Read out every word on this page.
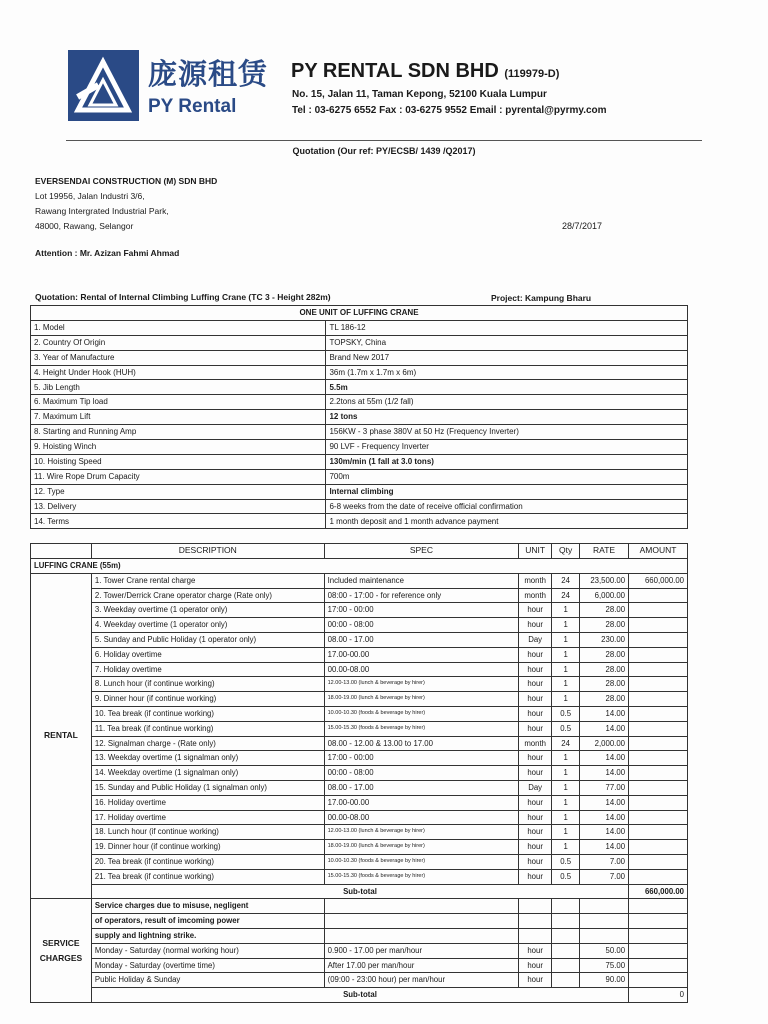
庞源租赁
PY Rental
PY RENTAL SDN BHD (119979-D)
No. 15, Jalan 11, Taman Kepong, 52100 Kuala Lumpur
Tel : 03-6275 6552 Fax : 03-6275 9552 Email : pyrental@pyrmy.com
Quotation (Our ref: PY/ECSB/ 1439 /Q2017)
EVERSENDAI CONSTRUCTION (M) SDN BHD
Lot 19956, Jalan Industri 3/6,
Rawang Intergrated Industrial Park,
48000, Rawang, Selangor	28/7/2017
Attention : Mr. Azizan Fahmi Ahmad
Quotation: Rental of Internal Climbing Luffing Crane (TC 3 - Height 282m)	Project: Kampung Bharu
ONE UNIT OF LUFFING CRANE	
1. Model	TL 186-12
2. Country Of Origin	TOPSKY, China
3. Year of Manufacture	Brand New 2017
4. Height Under Hook (HUH)	36m (1.7m x 1.7m x 6m)
5. Jib Length	5.5m
6. Maximum Tip load	2.2tons at 55m (1/2 fall)
7. Maximum Lift	12 tons
8. Starting and Running Amp	156KW - 3 phase 380V at 50 Hz (Frequency Inverter)
9. Hoisting Winch	90 LVF - Frequency Inverter
10. Hoisting Speed	130m/min (1 fall at 3.0 tons)
11. Wire Rope Drum Capacity	700m
12. Type	Internal climbing
13. Delivery	6-8 weeks from the date of receive official confirmation
14. Terms	1 month deposit and 1 month advance payment
	DESCRIPTION	SPEC	UNIT	Qty	RATE	AMOUNT
LUFFING CRANE (55m)						
RENTAL	1. Tower Crane rental charge	Included maintenance	month	24	23,500.00	660,000.00
	2. Tower/Derrick Crane operator charge (Rate only)	08:00 - 17:00 - for reference only	month	24	6,000.00	
	3. Weekday overtime (1 operator only)	17:00 - 00:00	hour	1	28.00	
	4. Weekday overtime (1 operator only)	00:00 - 08:00	hour	1	28.00	
	5. Sunday and Public Holiday (1 operator only)	08.00 - 17.00	Day	1	230.00	
	6. Holiday overtime	17.00-00.00	hour	1	28.00	
	7. Holiday overtime	00.00-08.00	hour	1	28.00	
	8. Lunch hour (if continue working)	12.00-13.00 (lunch & beverage by hirer)	hour	1	28.00	
	9. Dinner hour (if continue working)	18.00-19.00 (lunch & beverage by hirer)	hour	1	28.00	
	10. Tea break (if continue working)	10.00-10.30 (foods & beverage by hirer)	hour	0.5	14.00	
	11. Tea break (if continue working)	15.00-15.30 (foods & beverage by hirer)	hour	0.5	14.00	
	12. Signalman charge - (Rate only)	08.00 - 12.00 & 13.00 to 17.00	month	24	2,000.00	
	13. Weekday overtime (1 signalman only)	17:00 - 00:00	hour	1	14.00	
	14. Weekday overtime (1 signalman only)	00:00 - 08:00	hour	1	14.00	
	15. Sunday and Public Holiday (1 signalman only)	08.00 - 17.00	Day	1	77.00	
	16. Holiday overtime	17.00-00.00	hour	1	14.00	
	17. Holiday overtime	00.00-08.00	hour	1	14.00	
	18. Lunch hour (if continue working)	12.00-13.00 (lunch & beverage by hirer)	hour	1	14.00	
	19. Dinner hour (if continue working)	18.00-19.00 (lunch & beverage by hirer)	hour	1	14.00	
	20. Tea break (if continue working)	10.00-10.30 (foods & beverage by hirer)	hour	0.5	7.00	
	21. Tea break (if continue working)	15.00-15.30 (foods & beverage by hirer)	hour	0.5	7.00	
	Sub-total					660,000.00

SERVICE
CHARGES	Service charges due to misuse, negligent					
	of operators, result of imcoming power					
	supply and lightning strike.					
	Monday - Saturday (normal working hour)	0.900 - 17.00 per man/hour	hour		50.00	
	Monday - Saturday (overtime time)	After 17.00 per man/hour	hour		75.00	
	Public Holiday & Sunday	(09:00 - 23:00 hour) per man/hour	hour		90.00	
	Sub-total					0
